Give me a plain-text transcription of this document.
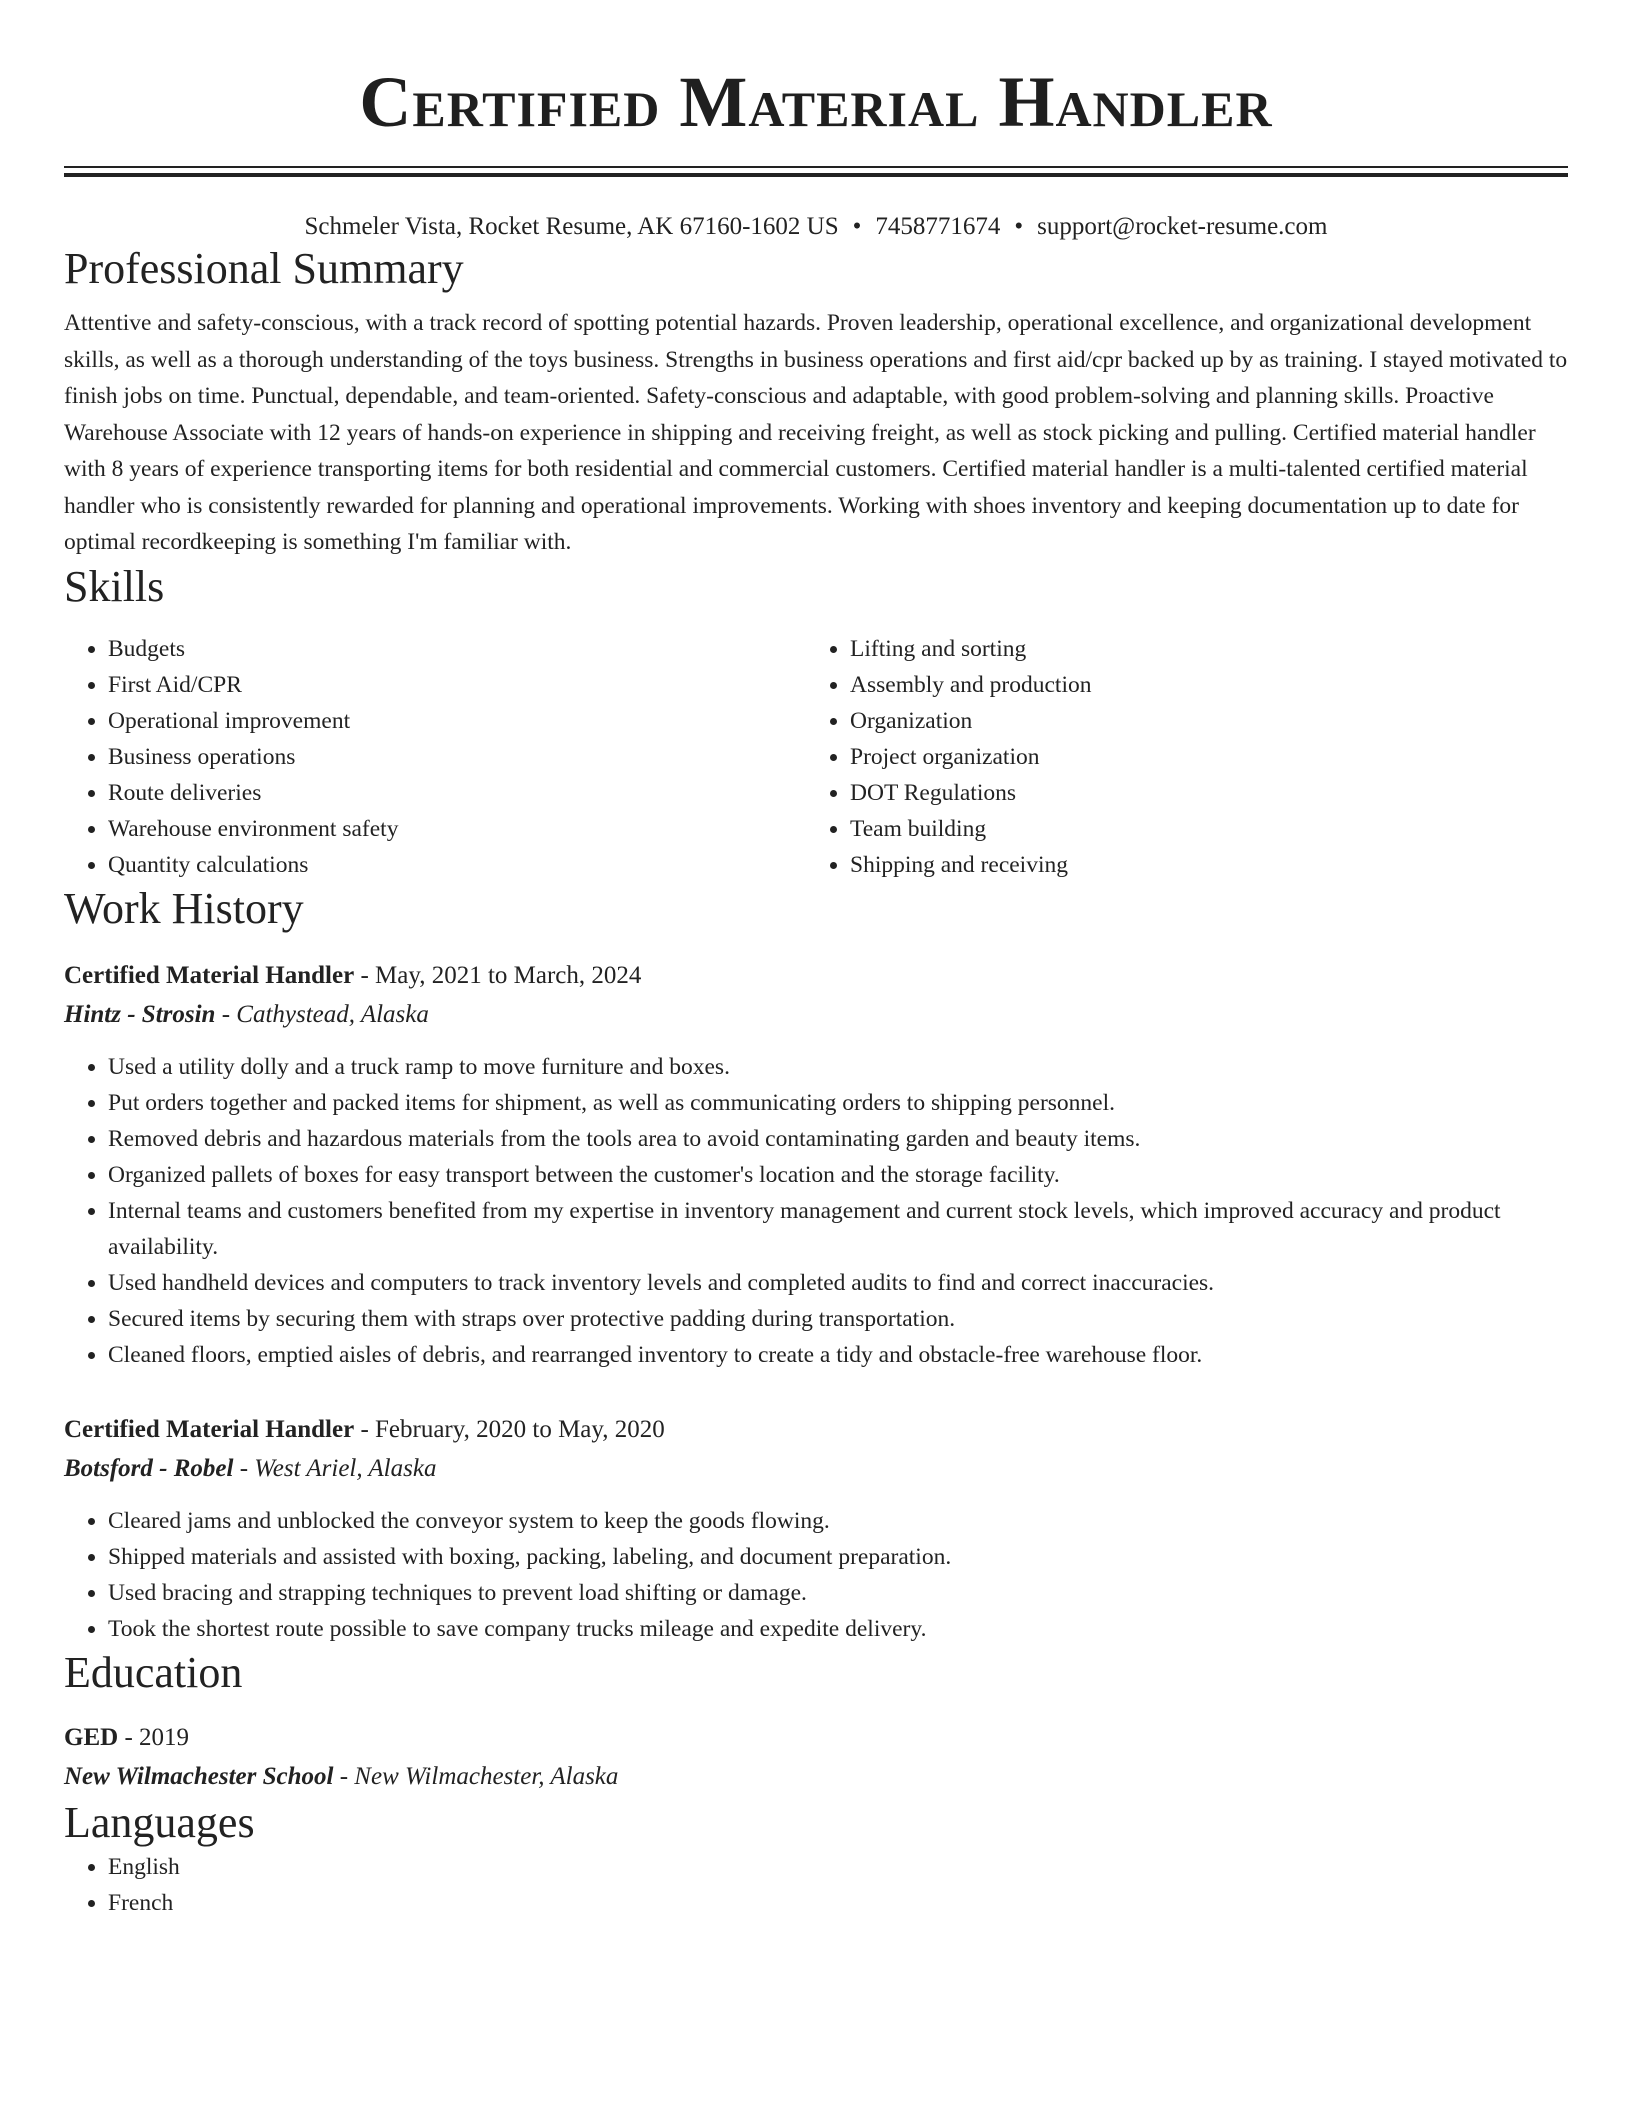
Certified Material Handler
Schmeler Vista, Rocket Resume, AK 67160-1602 US • 7458771674 • support@rocket-resume.com
Professional Summary
Attentive and safety-conscious, with a track record of spotting potential hazards. Proven leadership, operational excellence, and organizational development skills, as well as a thorough understanding of the toys business. Strengths in business operations and first aid/cpr backed up by as training. I stayed motivated to finish jobs on time. Punctual, dependable, and team-oriented. Safety-conscious and adaptable, with good problem-solving and planning skills. Proactive Warehouse Associate with 12 years of hands-on experience in shipping and receiving freight, as well as stock picking and pulling. Certified material handler with 8 years of experience transporting items for both residential and commercial customers. Certified material handler is a multi-talented certified material handler who is consistently rewarded for planning and operational improvements. Working with shoes inventory and keeping documentation up to date for optimal recordkeeping is something I'm familiar with.
Skills
• Budgets
• First Aid/CPR
• Operational improvement
• Business operations
• Route deliveries
• Warehouse environment safety
• Quantity calculations
• Lifting and sorting
• Assembly and production
• Organization
• Project organization
• DOT Regulations
• Team building
• Shipping and receiving
Work History
Certified Material Handler - May, 2021 to March, 2024
Hintz - Strosin - Cathystead, Alaska
• Used a utility dolly and a truck ramp to move furniture and boxes.
• Put orders together and packed items for shipment, as well as communicating orders to shipping personnel.
• Removed debris and hazardous materials from the tools area to avoid contaminating garden and beauty items.
• Organized pallets of boxes for easy transport between the customer's location and the storage facility.
• Internal teams and customers benefited from my expertise in inventory management and current stock levels, which improved accuracy and product availability.
• Used handheld devices and computers to track inventory levels and completed audits to find and correct inaccuracies.
• Secured items by securing them with straps over protective padding during transportation.
• Cleaned floors, emptied aisles of debris, and rearranged inventory to create a tidy and obstacle-free warehouse floor.
Certified Material Handler - February, 2020 to May, 2020
Botsford - Robel - West Ariel, Alaska
• Cleared jams and unblocked the conveyor system to keep the goods flowing.
• Shipped materials and assisted with boxing, packing, labeling, and document preparation.
• Used bracing and strapping techniques to prevent load shifting or damage.
• Took the shortest route possible to save company trucks mileage and expedite delivery.
Education
GED - 2019
New Wilmachester School - New Wilmachester, Alaska
Languages
• English
• French
